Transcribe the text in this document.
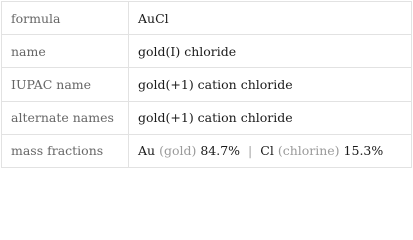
formula	AuCl
name	gold(I) chloride
IUPAC name	gold(+1) cation chloride
alternate names	gold(+1) cation chloride
mass fractions	Au (gold) 84.7% | Cl (chlorine) 15.3%
